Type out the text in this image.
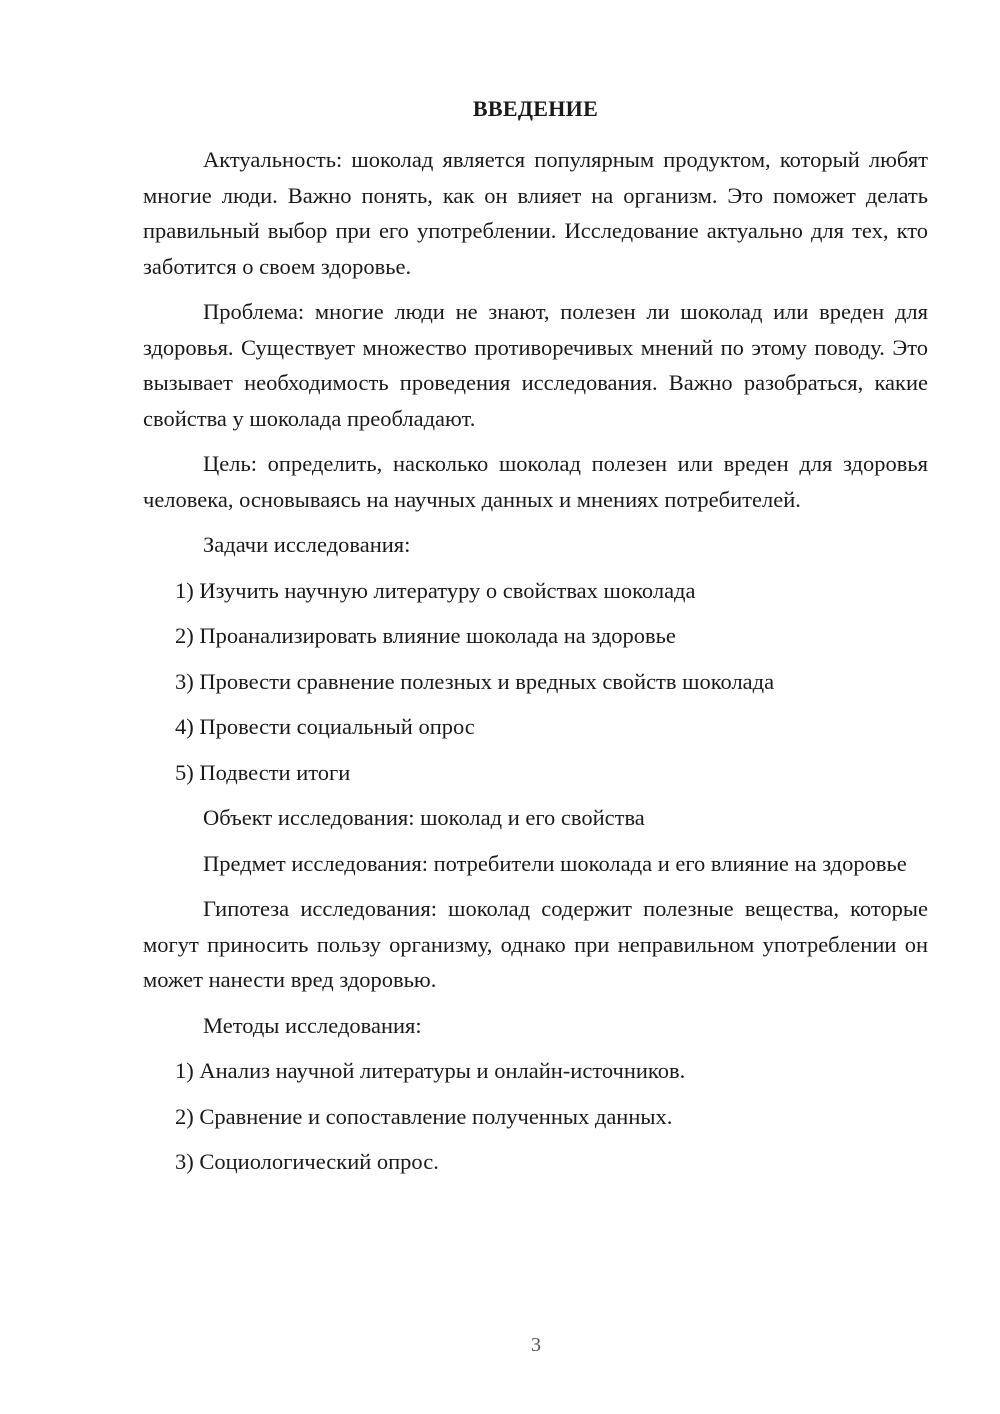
ВВЕДЕНИЕ

Актуальность: шоколад является популярным продуктом, который любят многие люди. Важно понять, как он влияет на организм. Это поможет делать правильный выбор при его употреблении. Исследование актуально для тех, кто заботится о своем здоровье.

Проблема: многие люди не знают, полезен ли шоколад или вреден для здоровья. Существует множество противоречивых мнений по этому поводу. Это вызывает необходимость проведения исследования. Важно разобраться, какие свойства у шоколада преобладают.

Цель: определить, насколько шоколад полезен или вреден для здоровья человека, основываясь на научных данных и мнениях потребителей.

Задачи исследования:

1) Изучить научную литературу о свойствах шоколада
2) Проанализировать влияние шоколада на здоровье
3) Провести сравнение полезных и вредных свойств шоколада
4) Провести социальный опрос
5) Подвести итоги

Объект исследования: шоколад и его свойства

Предмет исследования: потребители шоколада и его влияние на здоровье

Гипотеза исследования: шоколад содержит полезные вещества, которые могут приносить пользу организму, однако при неправильном употреблении он может нанести вред здоровью.

Методы исследования:

1) Анализ научной литературы и онлайн-источников.
2) Сравнение и сопоставление полученных данных.
3) Социологический опрос.
3
